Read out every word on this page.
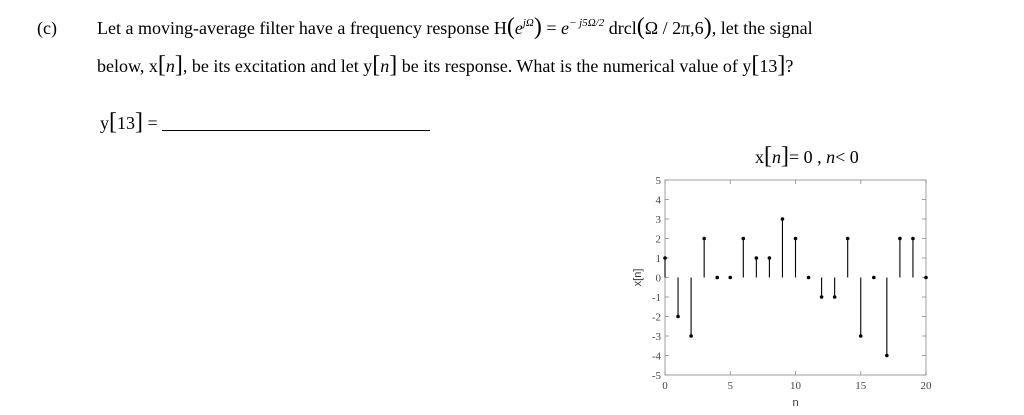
(c) Let a moving-average filter have a frequency response $H(e^{j\Omega}) = e^{- j5\Omega/2}$ drcl(Ω / 2π,6), let the signal
below, x[n], be its excitation and let y[n] be its response. What is the numerical value of y[13]?
y[13] =
x[n]= 0 , n< 0
5
4
3
2
1
0
-1
-2
-3
-4
-5
0	5	10	15	20
n
x[n]
